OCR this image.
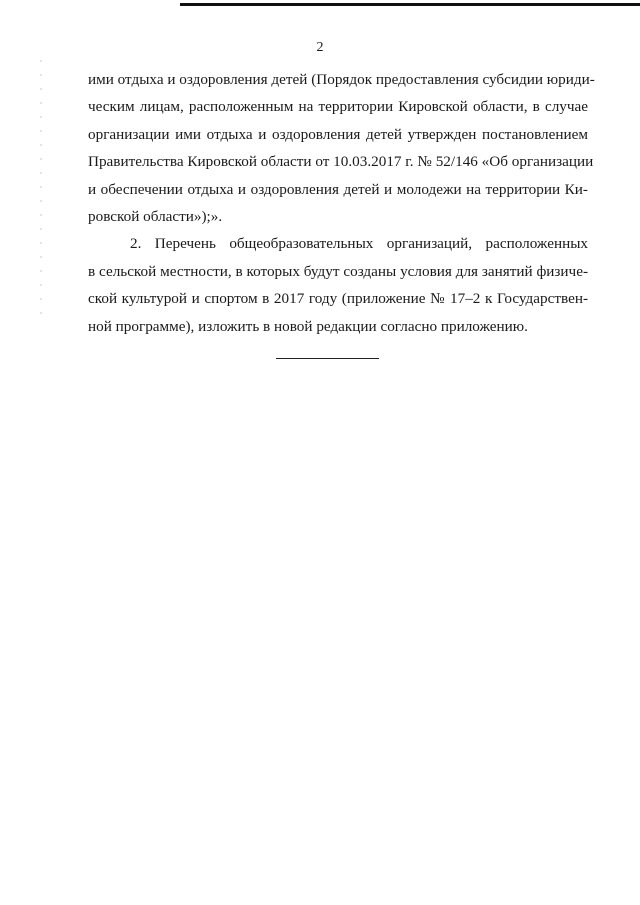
2
ими отдыха и оздоровления детей (Порядок предоставления субсидии юриди-
ческим лицам, расположенным на территории Кировской области, в случае
организации ими отдыха и оздоровления детей утвержден постановлением
Правительства Кировской области от 10.03.2017 г. № 52/146 «Об организации
и обеспечении отдыха и оздоровления детей и молодежи на территории Ки-
ровской области»);».
2. Перечень общеобразовательных организаций, расположенных
в сельской местности, в которых будут созданы условия для занятий физиче-
ской культурой и спортом в 2017 году (приложение № 17–2 к Государствен-
ной программе), изложить в новой редакции согласно приложению.
